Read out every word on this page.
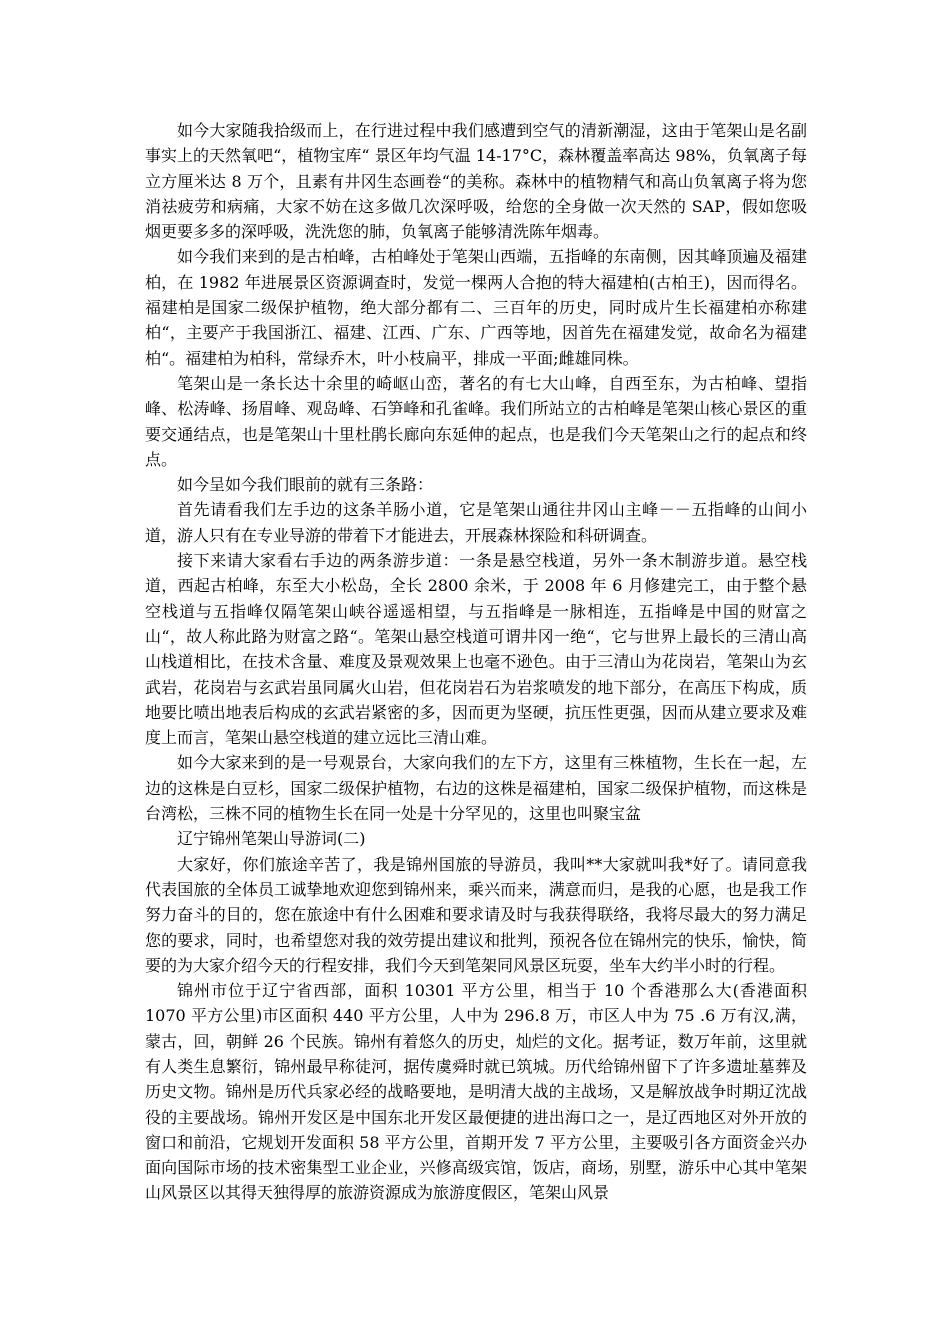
如今大家随我拾级而上，在行进过程中我们感遭到空气的清新潮湿，这由于笔架山是名副事实上的天然氧吧“，植物宝库“ 景区年均气温 14-17°C，森林覆盖率高达 98%，负氧离子每立方厘米达 8 万个，且素有井冈生态画卷“的美称。森林中的植物精气和高山负氧离子将为您消祛疲劳和病痛，大家不妨在这多做几次深呼吸，给您的全身做一次天然的 SAP，假如您吸烟更要多多的深呼吸，洗洗您的肺，负氧离子能够清洗陈年烟毒。

如今我们来到的是古柏峰，古柏峰处于笔架山西端，五指峰的东南侧，因其峰顶遍及福建柏，在 1982 年进展景区资源调查时，发觉一棵两人合抱的特大福建柏(古柏王)，因而得名。福建柏是国家二级保护植物，绝大部分都有二、三百年的历史，同时成片生长福建柏亦称建柏“，主要产于我国浙江、福建、江西、广东、广西等地，因首先在福建发觉，故命名为福建柏“。福建柏为柏科，常绿乔木，叶小枝扁平，排成一平面;雌雄同株。

笔架山是一条长达十余里的崎岖山峦，著名的有七大山峰，自西至东，为古柏峰、望指峰、松涛峰、扬眉峰、观岛峰、石笋峰和孔雀峰。我们所站立的古柏峰是笔架山核心景区的重要交通结点，也是笔架山十里杜鹃长廊向东延伸的起点，也是我们今天笔架山之行的起点和终点。

如今呈如今我们眼前的就有三条路：

首先请看我们左手边的这条羊肠小道，它是笔架山通往井冈山主峰－－五指峰的山间小道，游人只有在专业导游的带着下才能进去，开展森林探险和科研调查。

接下来请大家看右手边的两条游步道：一条是悬空栈道，另外一条木制游步道。悬空栈道，西起古柏峰，东至大小松岛，全长 2800 余米，于 2008 年 6 月修建完工，由于整个悬空栈道与五指峰仅隔笔架山峡谷遥遥相望，与五指峰是一脉相连，五指峰是中国的财富之山“，故人称此路为财富之路“。笔架山悬空栈道可谓井冈一绝“，它与世界上最长的三清山高山栈道相比，在技术含量、难度及景观效果上也毫不逊色。由于三清山为花岗岩，笔架山为玄武岩，花岗岩与玄武岩虽同属火山岩，但花岗岩石为岩浆喷发的地下部分，在高压下构成，质地要比喷出地表后构成的玄武岩紧密的多，因而更为坚硬，抗压性更强，因而从建立要求及难度上而言，笔架山悬空栈道的建立远比三清山难。

如今大家来到的是一号观景台，大家向我们的左下方，这里有三株植物，生长在一起，左边的这株是白豆杉，国家二级保护植物，右边的这株是福建柏，国家二级保护植物，而这株是台湾松，三株不同的植物生长在同一处是十分罕见的，这里也叫聚宝盆

辽宁锦州笔架山导游词(二)

大家好，你们旅途辛苦了，我是锦州国旅的导游员，我叫**大家就叫我*好了。请同意我代表国旅的全体员工诚挚地欢迎您到锦州来，乘兴而来，满意而归，是我的心愿，也是我工作努力奋斗的目的，您在旅途中有什么困难和要求请及时与我获得联络，我将尽最大的努力满足您的要求，同时，也希望您对我的效劳提出建议和批判，预祝各位在锦州完的快乐，愉快，简要的为大家介绍今天的行程安排，我们今天到笔架同风景区玩耍，坐车大约半小时的行程。

锦州市位于辽宁省西部，面积 10301 平方公里，相当于 10 个香港那么大(香港面积 1070 平方公里)市区面积 440 平方公里，人中为 296.8 万，市区人中为 75 .6 万有汉,满，蒙古，回，朝鲜 26 个民族。锦州有着悠久的历史，灿烂的文化。据考证，数万年前，这里就有人类生息繁衍，锦州最早称徒河，据传虞舜时就已筑城。历代给锦州留下了许多遗址墓葬及历史文物。锦州是历代兵家必经的战略要地，是明清大战的主战场，又是解放战争时期辽沈战役的主要战场。锦州开发区是中国东北开发区最便捷的进出海口之一，是辽西地区对外开放的窗口和前沿，它规划开发面积 58 平方公里，首期开发 7 平方公里，主要吸引各方面资金兴办面向国际市场的技术密集型工业企业，兴修高级宾馆，饭店，商场，别墅，游乐中心其中笔架山风景区以其得天独得厚的旅游资源成为旅游度假区，笔架山风景
